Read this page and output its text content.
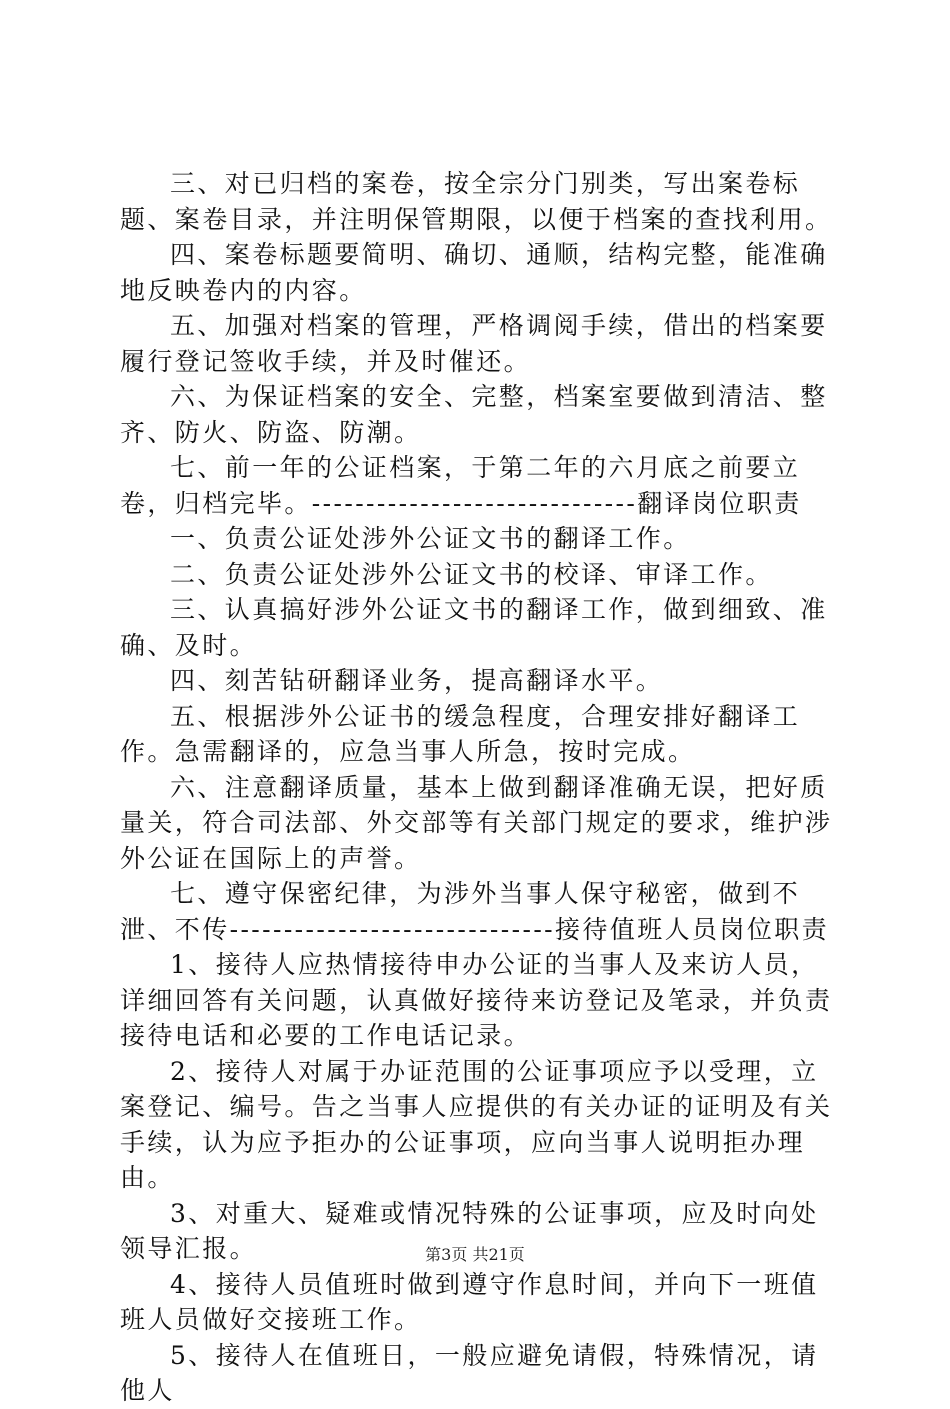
三、对已归档的案卷，按全宗分门别类，写出案卷标题、案卷目录，并注明保管期限，以便于档案的查找利用。

四、案卷标题要简明、确切、通顺，结构完整，能准确地反映卷内的内容。

五、加强对档案的管理，严格调阅手续，借出的档案要履行登记签收手续，并及时催还。

六、为保证档案的安全、完整，档案室要做到清洁、整齐、防火、防盗、防潮。

七、前一年的公证档案，于第二年的六月底之前要立卷，归档完毕。------------------------------翻译岗位职责

一、负责公证处涉外公证文书的翻译工作。

二、负责公证处涉外公证文书的校译、审译工作。

三、认真搞好涉外公证文书的翻译工作，做到细致、准确、及时。

四、刻苦钻研翻译业务，提高翻译水平。

五、根据涉外公证书的缓急程度，合理安排好翻译工作。急需翻译的，应急当事人所急，按时完成。

六、注意翻译质量，基本上做到翻译准确无误，把好质量关，符合司法部、外交部等有关部门规定的要求，维护涉外公证在国际上的声誉。

七、遵守保密纪律，为涉外当事人保守秘密，做到不泄、不传------------------------------接待值班人员岗位职责

1、接待人应热情接待申办公证的当事人及来访人员，详细回答有关问题，认真做好接待来访登记及笔录，并负责接待电话和必要的工作电话记录。

2、接待人对属于办证范围的公证事项应予以受理，立案登记、编号。告之当事人应提供的有关办证的证明及有关手续，认为应予拒办的公证事项，应向当事人说明拒办理由。

3、对重大、疑难或情况特殊的公证事项，应及时向处领导汇报。

4、接待人员值班时做到遵守作息时间，并向下一班值班人员做好交接班工作。

5、接待人在值班日，一般应避免请假，特殊情况，请他人

第3页 共21页
